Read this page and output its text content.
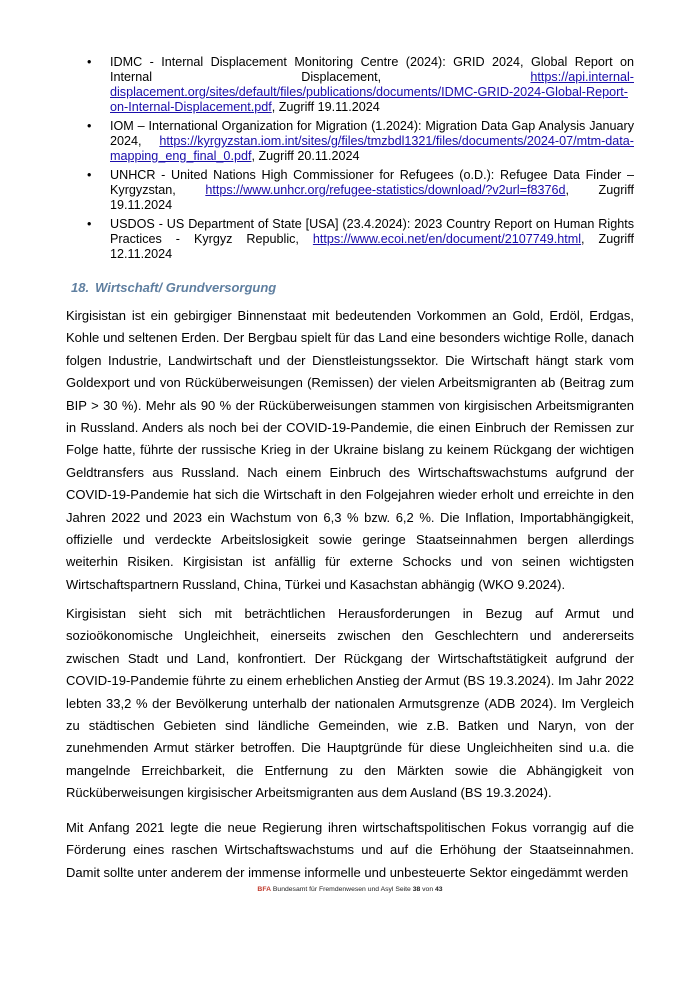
• IDMC - Internal Displacement Monitoring Centre (2024): GRID 2024, Global Report on Internal Displacement, https://api.internal-displacement.org/sites/default/files/publications/documents/IDMC-GRID-2024-Global-Report-on-Internal-Displacement.pdf, Zugriff 19.11.2024
• IOM – International Organization for Migration (1.2024): Migration Data Gap Analysis January 2024, https://kyrgyzstan.iom.int/sites/g/files/tmzbdl1321/files/documents/2024-07/mtm-data-mapping_eng_final_0.pdf, Zugriff 20.11.2024
• UNHCR - United Nations High Commissioner for Refugees (o.D.): Refugee Data Finder – Kyrgyzstan, https://www.unhcr.org/refugee-statistics/download/?v2url=f8376d, Zugriff 19.11.2024
• USDOS - US Department of State [USA] (23.4.2024): 2023 Country Report on Human Rights Practices - Kyrgyz Republic, https://www.ecoi.net/en/document/2107749.html, Zugriff 12.11.2024
18. Wirtschaft/ Grundversorgung

Kirgisistan ist ein gebirgiger Binnenstaat mit bedeutenden Vorkommen an Gold, Erdöl, Erdgas, Kohle und seltenen Erden. Der Bergbau spielt für das Land eine besonders wichtige Rolle, danach folgen Industrie, Landwirtschaft und der Dienstleistungssektor. Die Wirtschaft hängt stark vom Goldexport und von Rücküberweisungen (Remissen) der vielen Arbeitsmigranten ab (Beitrag zum BIP > 30 %). Mehr als 90 % der Rücküberweisungen stammen von kirgisischen Arbeitsmigranten in Russland. Anders als noch bei der COVID-19-Pandemie, die einen Einbruch der Remissen zur Folge hatte, führte der russische Krieg in der Ukraine bislang zu keinem Rückgang der wichtigen Geldtransfers aus Russland. Nach einem Einbruch des Wirtschaftswachstums aufgrund der COVID-19-Pandemie hat sich die Wirtschaft in den Folgejahren wieder erholt und erreichte in den Jahren 2022 und 2023 ein Wachstum von 6,3 % bzw. 6,2 %. Die Inflation, Importabhängigkeit, offizielle und verdeckte Arbeitslosigkeit sowie geringe Staatseinnahmen bergen allerdings weiterhin Risiken. Kirgisistan ist anfällig für externe Schocks und von seinen wichtigsten Wirtschaftspartnern Russland, China, Türkei und Kasachstan abhängig (WKO 9.2024).

Kirgisistan sieht sich mit beträchtlichen Herausforderungen in Bezug auf Armut und sozioökonomische Ungleichheit, einerseits zwischen den Geschlechtern und andererseits zwischen Stadt und Land, konfrontiert. Der Rückgang der Wirtschaftstätigkeit aufgrund der COVID-19-Pandemie führte zu einem erheblichen Anstieg der Armut (BS 19.3.2024). Im Jahr 2022 lebten 33,2 % der Bevölkerung unterhalb der nationalen Armutsgrenze (ADB 2024). Im Vergleich zu städtischen Gebieten sind ländliche Gemeinden, wie z.B. Batken und Naryn, von der zunehmenden Armut stärker betroffen. Die Hauptgründe für diese Ungleichheiten sind u.a. die mangelnde Erreichbarkeit, die Entfernung zu den Märkten sowie die Abhängigkeit von Rücküberweisungen kirgisischer Arbeitsmigranten aus dem Ausland (BS 19.3.2024).

Mit Anfang 2021 legte die neue Regierung ihren wirtschaftspolitischen Fokus vorrangig auf die Förderung eines raschen Wirtschaftswachstums und auf die Erhöhung der Staatseinnahmen. Damit sollte unter anderem der immense informelle und unbesteuerte Sektor eingedämmt werden

BFA Bundesamt für Fremdenwesen und Asyl Seite 38 von 43
